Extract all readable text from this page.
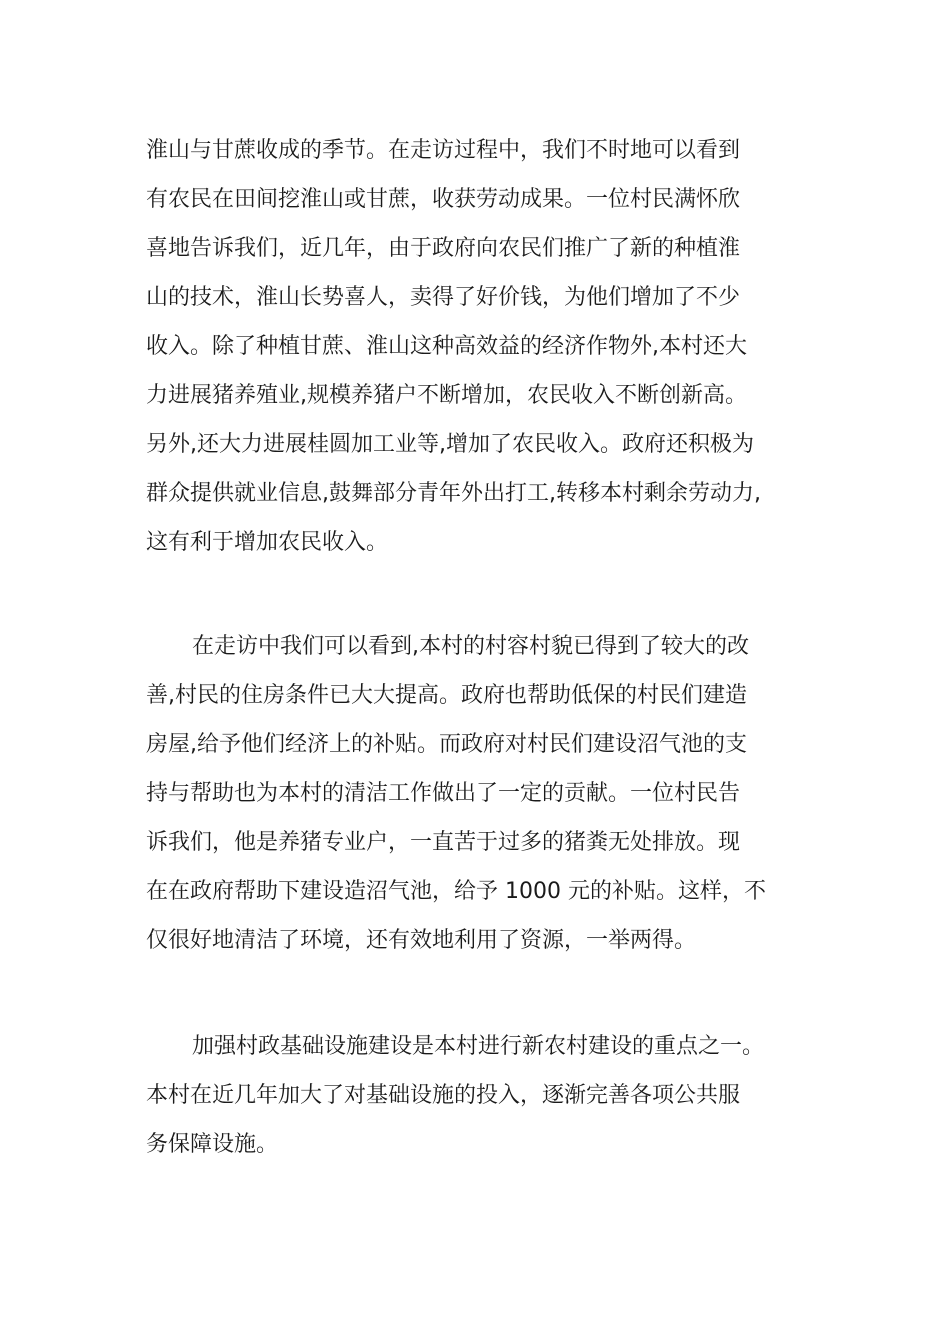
淮山与甘蔗收成的季节。在走访过程中，我们不时地可以看到
有农民在田间挖淮山或甘蔗，收获劳动成果。一位村民满怀欣
喜地告诉我们，近几年，由于政府向农民们推广了新的种植淮
山的技术，淮山长势喜人，卖得了好价钱，为他们增加了不少
收入。除了种植甘蔗、淮山这种高效益的经济作物外,本村还大
力进展猪养殖业,规模养猪户不断增加，农民收入不断创新高。
另外,还大力进展桂圆加工业等,增加了农民收入。政府还积极为
群众提供就业信息,鼓舞部分青年外出打工,转移本村剩余劳动力,
这有利于增加农民收入。
在走访中我们可以看到,本村的村容村貌已得到了较大的改
善,村民的住房条件已大大提高。政府也帮助低保的村民们建造
房屋,给予他们经济上的补贴。而政府对村民们建设沼气池的支
持与帮助也为本村的清洁工作做出了一定的贡献。一位村民告
诉我们，他是养猪专业户，一直苦于过多的猪粪无处排放。现
在在政府帮助下建设造沼气池，给予 1000 元的补贴。这样，不
仅很好地清洁了环境，还有效地利用了资源，一举两得。
加强村政基础设施建设是本村进行新农村建设的重点之一。
本村在近几年加大了对基础设施的投入，逐渐完善各项公共服
务保障设施。
